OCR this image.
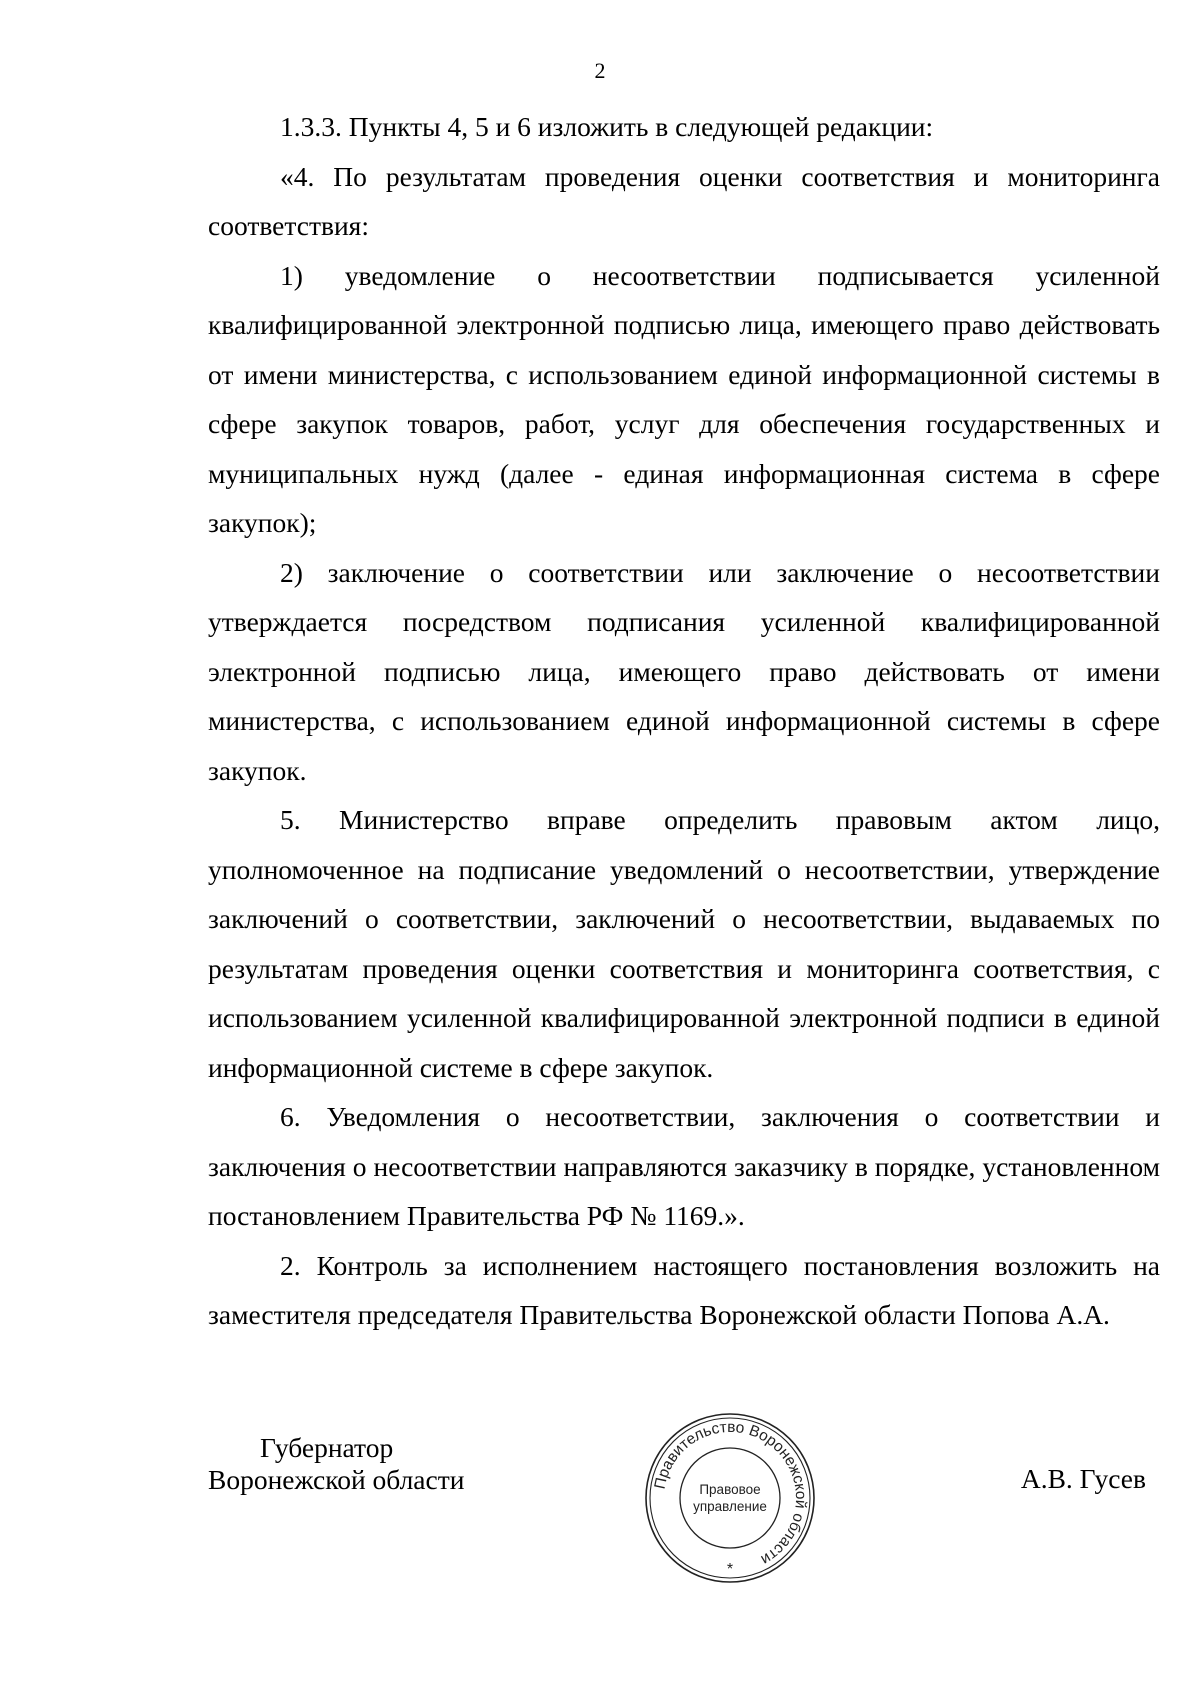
2

1.3.3. Пункты 4, 5 и 6 изложить в следующей редакции:

«4. По результатам проведения оценки соответствия и мониторинга соответствия:

1) уведомление о несоответствии подписывается усиленной квалифицированной электронной подписью лица, имеющего право действовать от имени министерства, с использованием единой информационной системы в сфере закупок товаров, работ, услуг для обеспечения государственных и муниципальных нужд (далее - единая информационная система в сфере закупок);

2) заключение о соответствии или заключение о несоответствии утверждается посредством подписания усиленной квалифицированной электронной подписью лица, имеющего право действовать от имени министерства, с использованием единой информационной системы в сфере закупок.

5. Министерство вправе определить правовым актом лицо, уполномоченное на подписание уведомлений о несоответствии, утверждение заключений о соответствии, заключений о несоответствии, выдаваемых по результатам проведения оценки соответствия и мониторинга соответствия, с использованием усиленной квалифицированной электронной подписи в единой информационной системе в сфере закупок.

6. Уведомления о несоответствии, заключения о соответствии и заключения о несоответствии направляются заказчику в порядке, установленном постановлением Правительства РФ № 1169.».

2. Контроль за исполнением настоящего постановления возложить на заместителя председателя Правительства Воронежской области Попова А.А.

Губернатор
Воронежской области	Правительство Воронежской области
Правовое
управление
*
А.В. Гусев
